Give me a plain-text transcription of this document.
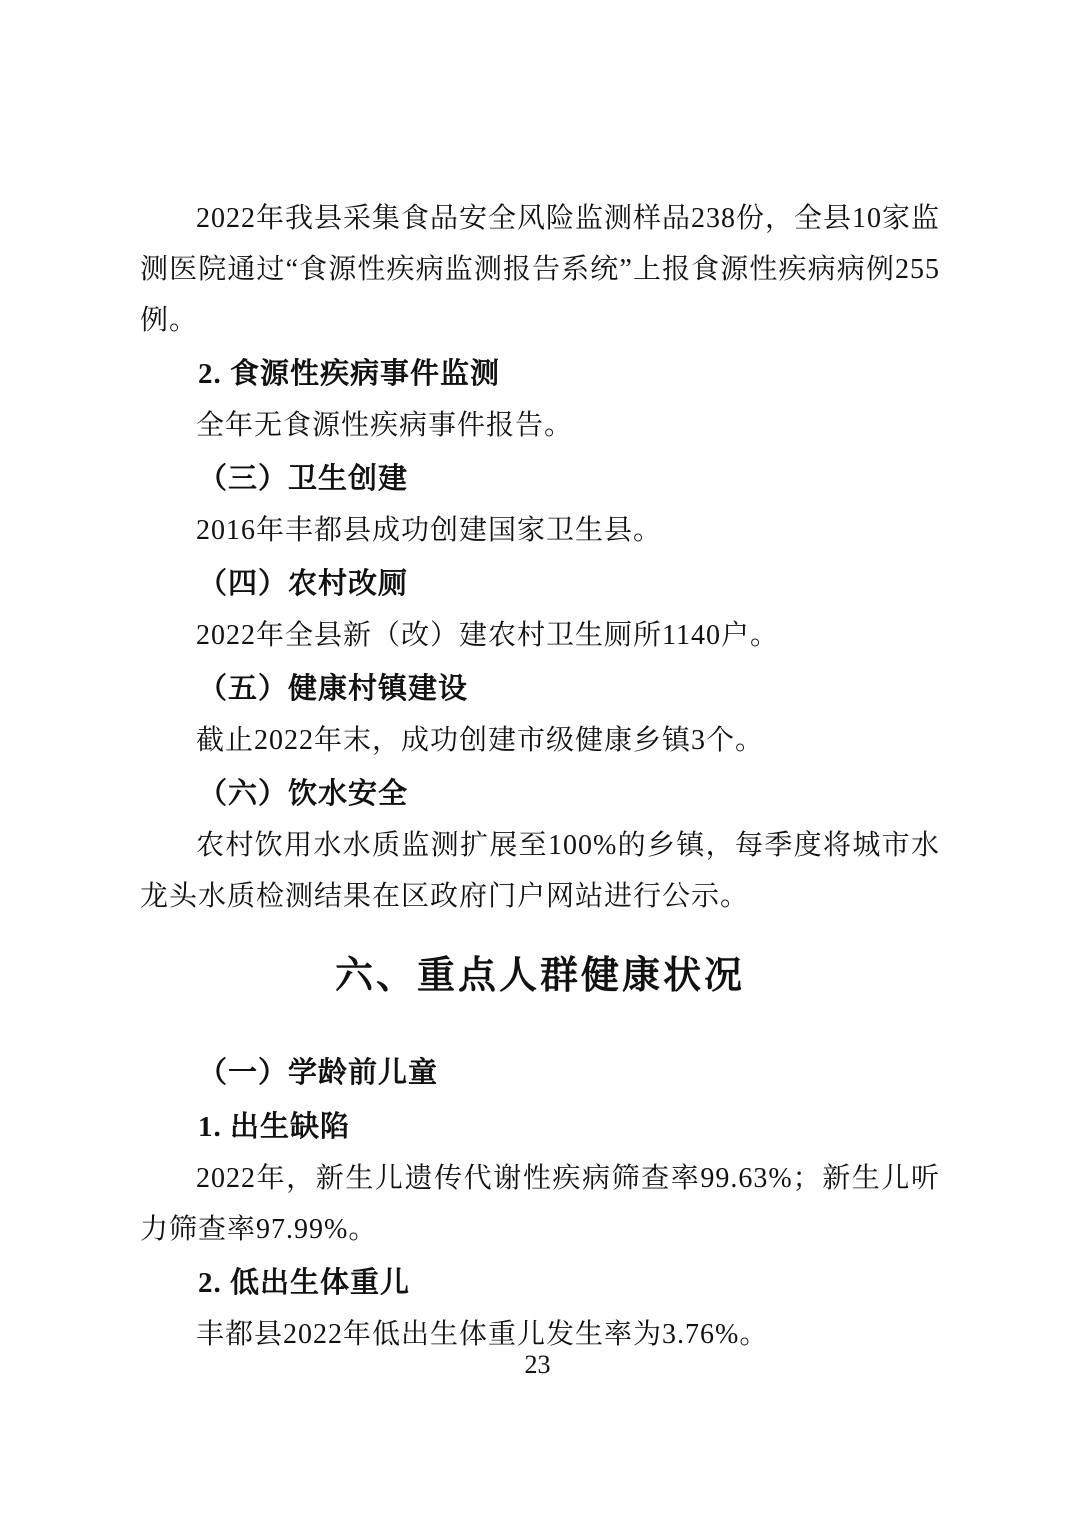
2022年我县采集食品安全风险监测样品238份，全县10家监测医院通过“食源性疾病监测报告系统”上报食源性疾病病例255例。

2. 食源性疾病事件监测

全年无食源性疾病事件报告。

（三）卫生创建

2016年丰都县成功创建国家卫生县。

（四）农村改厕

2022年全县新（改）建农村卫生厕所1140户。

（五）健康村镇建设

截止2022年末，成功创建市级健康乡镇3个。

（六）饮水安全

农村饮用水水质监测扩展至100%的乡镇，每季度将城市水龙头水质检测结果在区政府门户网站进行公示。

六、重点人群健康状况

（一）学龄前儿童

1. 出生缺陷

2022年，新生儿遗传代谢性疾病筛查率99.63%；新生儿听力筛查率97.99%。

2. 低出生体重儿

丰都县2022年低出生体重儿发生率为3.76%。

23
